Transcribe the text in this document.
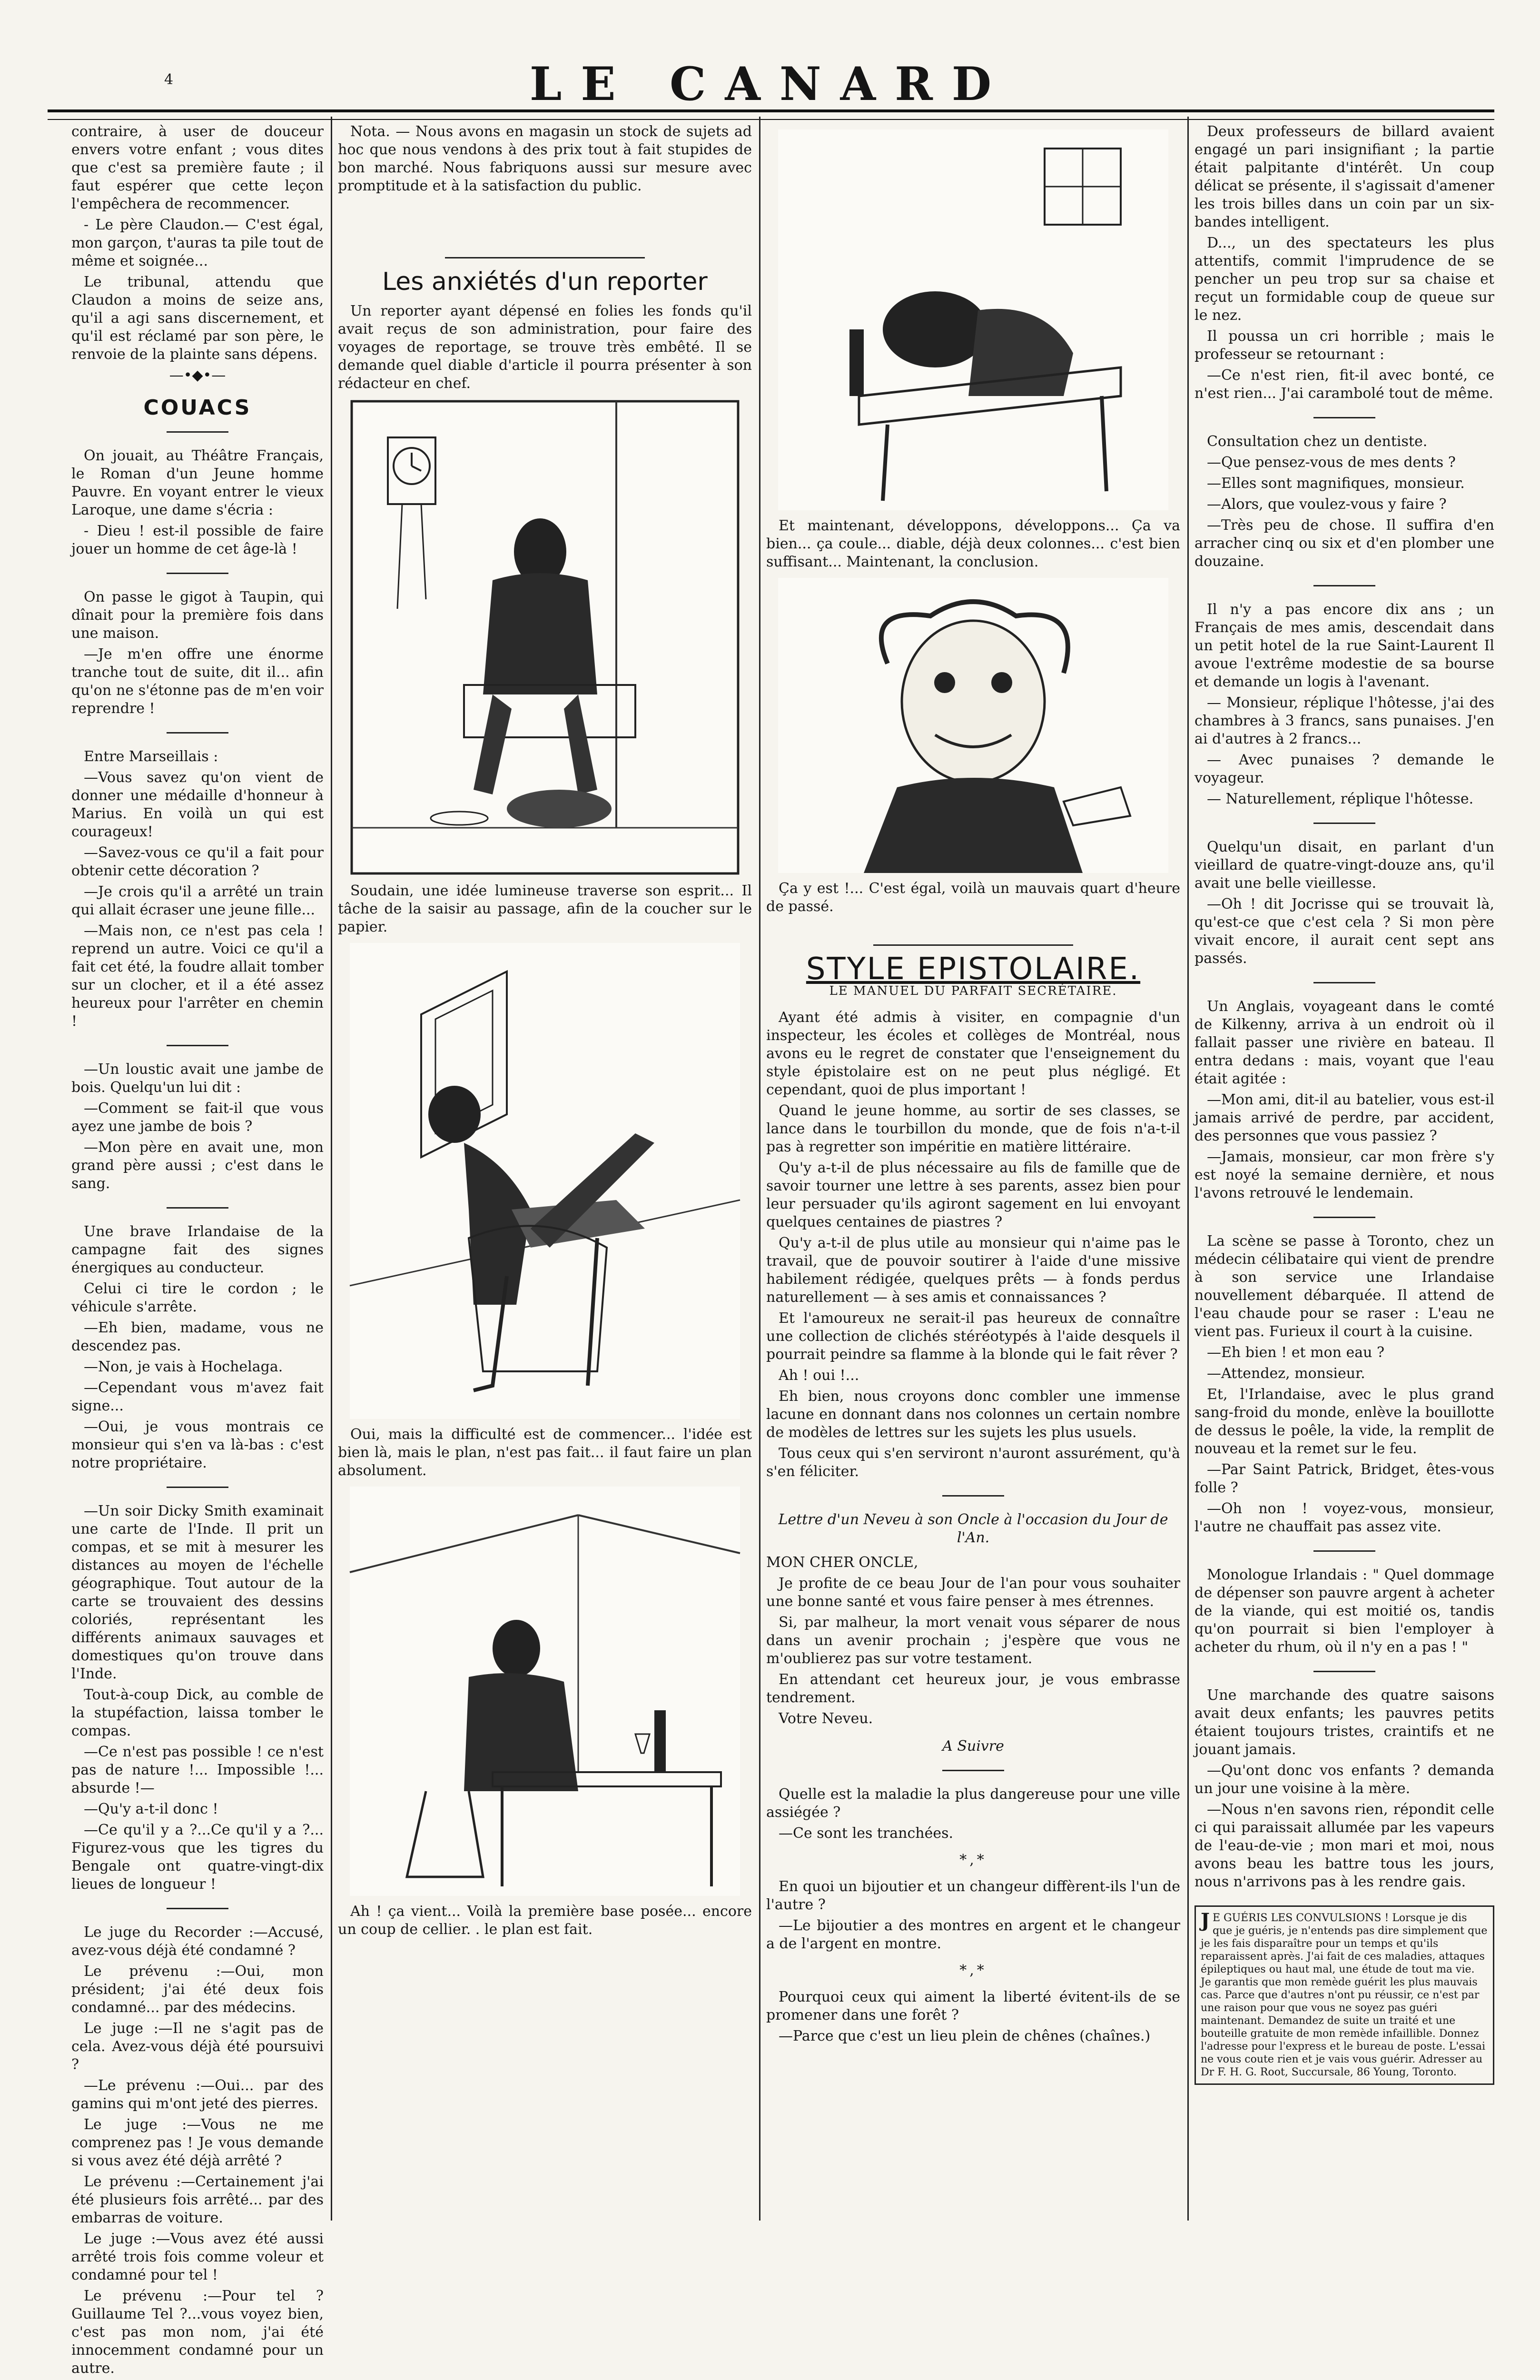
4	LE CANARD

contraire, à user de douceur envers votre enfant ; vous dites que c'est sa première faute ; il faut espérer que cette leçon l'empêchera de recommencer.

- Le père Claudon.— C'est égal, mon garçon, t'auras ta pile tout de même et soignée...

Le tribunal, attendu que Claudon a moins de seize ans, qu'il a agi sans discernement, et qu'il est réclamé par son père, le renvoie de la plainte sans dépens.

—•◆•—
COUACS

On jouait, au Théâtre Français, le Roman d'un Jeune homme Pauvre. En voyant entrer le vieux Laroque, une dame s'écria :

- Dieu ! est-il possible de faire jouer un homme de cet âge-là !

On passe le gigot à Taupin, qui dînait pour la première fois dans une maison.

—Je m'en offre une énorme tranche tout de suite, dit il... afin qu'on ne s'étonne pas de m'en voir reprendre !

Entre Marseillais :

—Vous savez qu'on vient de donner une médaille d'honneur à Marius. En voilà un qui est courageux!

—Savez-vous ce qu'il a fait pour obtenir cette décoration ?

—Je crois qu'il a arrêté un train qui allait écraser une jeune fille...

—Mais non, ce n'est pas cela ! reprend un autre. Voici ce qu'il a fait cet été, la foudre allait tomber sur un clocher, et il a été assez heureux pour l'arrêter en chemin !

—Un loustic avait une jambe de bois. Quelqu'un lui dit :

—Comment se fait-il que vous ayez une jambe de bois ?

—Mon père en avait une, mon grand père aussi ; c'est dans le sang.

Une brave Irlandaise de la campagne fait des signes énergiques au conducteur.

Celui ci tire le cordon ; le véhicule s'arrête.

—Eh bien, madame, vous ne descendez pas.

—Non, je vais à Hochelaga.

—Cependant vous m'avez fait signe...

—Oui, je vous montrais ce monsieur qui s'en va là-bas : c'est notre propriétaire.

—Un soir Dicky Smith examinait une carte de l'Inde. Il prit un compas, et se mit à mesurer les distances au moyen de l'échelle géographique. Tout autour de la carte se trouvaient des dessins coloriés, représentant les différents animaux sauvages et domestiques qu'on trouve dans l'Inde.

Tout-à-coup Dick, au comble de la stupéfaction, laissa tomber le compas.

—Ce n'est pas possible ! ce n'est pas de nature !... Impossible !... absurde !—

—Qu'y a-t-il donc !

—Ce qu'il y a ?...Ce qu'il y a ?... Figurez-vous que les tigres du Bengale ont quatre-vingt-dix lieues de longueur !

Le juge du Recorder :—Accusé, avez-vous déjà été condamné ?

Le prévenu :—Oui, mon président; j'ai été deux fois condamné... par des médecins.

Le juge :—Il ne s'agit pas de cela. Avez-vous déjà été poursuivi ?

—Le prévenu :—Oui... par des gamins qui m'ont jeté des pierres.

Le juge :—Vous ne me comprenez pas ! Je vous demande si vous avez été déjà arrêté ?

Le prévenu :—Certainement j'ai été plusieurs fois arrêté... par des embarras de voiture.

Le juge :—Vous avez été aussi arrêté trois fois comme voleur et condamné pour tel !

Le prévenu :—Pour tel ? Guillaume Tel ?...vous voyez bien, c'est pas mon nom, j'ai été innocemment condamné pour un autre.

Nota. — Nous avons en magasin un stock de sujets ad hoc que nous vendons à des prix tout à fait stupides de bon marché. Nous fabriquons aussi sur mesure avec promptitude et à la satisfaction du public.

Les anxiétés d'un reporter

Un reporter ayant dépensé en folies les fonds qu'il avait reçus de son administration, pour faire des voyages de reportage, se trouve très embêté. Il se demande quel diable d'article il pourra présenter à son rédacteur en chef.

Soudain, une idée lumineuse traverse son esprit... Il tâche de la saisir au passage, afin de la coucher sur le papier.

Oui, mais la difficulté est de commencer... l'idée est bien là, mais le plan, n'est pas fait... il faut faire un plan absolument.

Ah ! ça vient... Voilà la première base posée... encore un coup de cellier. . le plan est fait.

Et maintenant, développons, développons... Ça va bien... ça coule... diable, déjà deux colonnes... c'est bien suffisant... Maintenant, la conclusion.

Ça y est !... C'est égal, voilà un mauvais quart d'heure de passé.

STYLE EPISTOLAIRE.
LE MANUEL DU PARFAIT SECRÉTAIRE.

Ayant été admis à visiter, en compagnie d'un inspecteur, les écoles et collèges de Montréal, nous avons eu le regret de constater que l'enseignement du style épistolaire est on ne peut plus négligé. Et cependant, quoi de plus important !

Quand le jeune homme, au sortir de ses classes, se lance dans le tourbillon du monde, que de fois n'a-t-il pas à regretter son impéritie en matière littéraire.

Qu'y a-t-il de plus nécessaire au fils de famille que de savoir tourner une lettre à ses parents, assez bien pour leur persuader qu'ils agiront sagement en lui envoyant quelques centaines de piastres ?

Qu'y a-t-il de plus utile au monsieur qui n'aime pas le travail, que de pouvoir soutirer à l'aide d'une missive habilement rédigée, quelques prêts — à fonds perdus naturellement — à ses amis et connaissances ?

Et l'amoureux ne serait-il pas heureux de connaître une collection de clichés stéréotypés à l'aide desquels il pourrait peindre sa flamme à la blonde qui le fait rêver ?

Ah ! oui !...

Eh bien, nous croyons donc combler une immense lacune en donnant dans nos colonnes un certain nombre de modèles de lettres sur les sujets les plus usuels.

Tous ceux qui s'en serviront n'auront assurément, qu'à s'en féliciter.

Lettre d'un Neveu à son Oncle à l'occasion du Jour de l'An.

MON CHER ONCLE,

Je profite de ce beau Jour de l'an pour vous souhaiter une bonne santé et vous faire penser à mes étrennes.

Si, par malheur, la mort venait vous séparer de nous dans un avenir prochain ; j'espère que vous ne m'oublierez pas sur votre testament.

En attendant cet heureux jour, je vous embrasse tendrement.

Votre Neveu.

A Suivre

Quelle est la maladie la plus dangereuse pour une ville assiégée ?

—Ce sont les tranchées.

*,*

En quoi un bijoutier et un changeur diffèrent-ils l'un de l'autre ?

—Le bijoutier a des montres en argent et le changeur a de l'argent en montre.

*,*

Pourquoi ceux qui aiment la liberté évitent-ils de se promener dans une forêt ?

—Parce que c'est un lieu plein de chênes (chaînes.)

Deux professeurs de billard avaient engagé un pari insignifiant ; la partie était palpitante d'intérêt. Un coup délicat se présente, il s'agissait d'amener les trois billes dans un coin par un six-bandes intelligent.

D..., un des spectateurs les plus attentifs, commit l'imprudence de se pencher un peu trop sur sa chaise et reçut un formidable coup de queue sur le nez.

Il poussa un cri horrible ; mais le professeur se retournant :

—Ce n'est rien, fit-il avec bonté, ce n'est rien... J'ai carambolé tout de même.

Consultation chez un dentiste.

—Que pensez-vous de mes dents ?

—Elles sont magnifiques, monsieur.

—Alors, que voulez-vous y faire ?

—Très peu de chose. Il suffira d'en arracher cinq ou six et d'en plomber une douzaine.

Il n'y a pas encore dix ans ; un Français de mes amis, descendait dans un petit hotel de la rue Saint-Laurent Il avoue l'extrême modestie de sa bourse et demande un logis à l'avenant.

— Monsieur, réplique l'hôtesse, j'ai des chambres à 3 francs, sans punaises. J'en ai d'autres à 2 francs...

— Avec punaises ? demande le voyageur.

— Naturellement, réplique l'hôtesse.

Quelqu'un disait, en parlant d'un vieillard de quatre-vingt-douze ans, qu'il avait une belle vieillesse.

—Oh ! dit Jocrisse qui se trouvait là, qu'est-ce que c'est cela ? Si mon père vivait encore, il aurait cent sept ans passés.

Un Anglais, voyageant dans le comté de Kilkenny, arriva à un endroit où il fallait passer une rivière en bateau. Il entra dedans : mais, voyant que l'eau était agitée :

—Mon ami, dit-il au batelier, vous est-il jamais arrivé de perdre, par accident, des personnes que vous passiez ?

—Jamais, monsieur, car mon frère s'y est noyé la semaine dernière, et nous l'avons retrouvé le lendemain.

La scène se passe à Toronto, chez un médecin célibataire qui vient de prendre à son service une Irlandaise nouvellement débarquée. Il attend de l'eau chaude pour se raser : L'eau ne vient pas. Furieux il court à la cuisine.

—Eh bien ! et mon eau ?

—Attendez, monsieur.

Et, l'Irlandaise, avec le plus grand sang-froid du monde, enlève la bouillotte de dessus le poêle, la vide, la remplit de nouveau et la remet sur le feu.

—Par Saint Patrick, Bridget, êtes-vous folle ?

—Oh non ! voyez-vous, monsieur, l'autre ne chauffait pas assez vite.

Monologue Irlandais : " Quel dommage de dépenser son pauvre argent à acheter de la viande, qui est moitié os, tandis qu'on pourrait si bien l'employer à acheter du rhum, où il n'y en a pas ! "

Une marchande des quatre saisons avait deux enfants; les pauvres petits étaient toujours tristes, craintifs et ne jouant jamais.

—Qu'ont donc vos enfants ? demanda un jour une voisine à la mère.

—Nous n'en savons rien, répondit celle ci qui paraissait allumée par les vapeurs de l'eau-de-vie ; mon mari et moi, nous avons beau les battre tous les jours, nous n'arrivons pas à les rendre gais.

J E GUÉRIS LES CONVULSIONS ! Lorsque je dis que je guéris, je n'entends pas dire simplement que je les fais disparaître pour un temps et qu'ils reparaissent après. J'ai fait de ces maladies, attaques épileptiques ou haut mal, une étude de tout ma vie. Je garantis que mon remède guérit les plus mauvais cas. Parce que d'autres n'ont pu réussir, ce n'est par une raison pour que vous ne soyez pas guéri maintenant. Demandez de suite un traité et une bouteille gratuite de mon remède infaillible. Donnez l'adresse pour l'express et le bureau de poste. L'essai ne vous coute rien et je vais vous guérir. Adresser au Dr F. H. G. Root, Succursale, 86 Young, Toronto.
